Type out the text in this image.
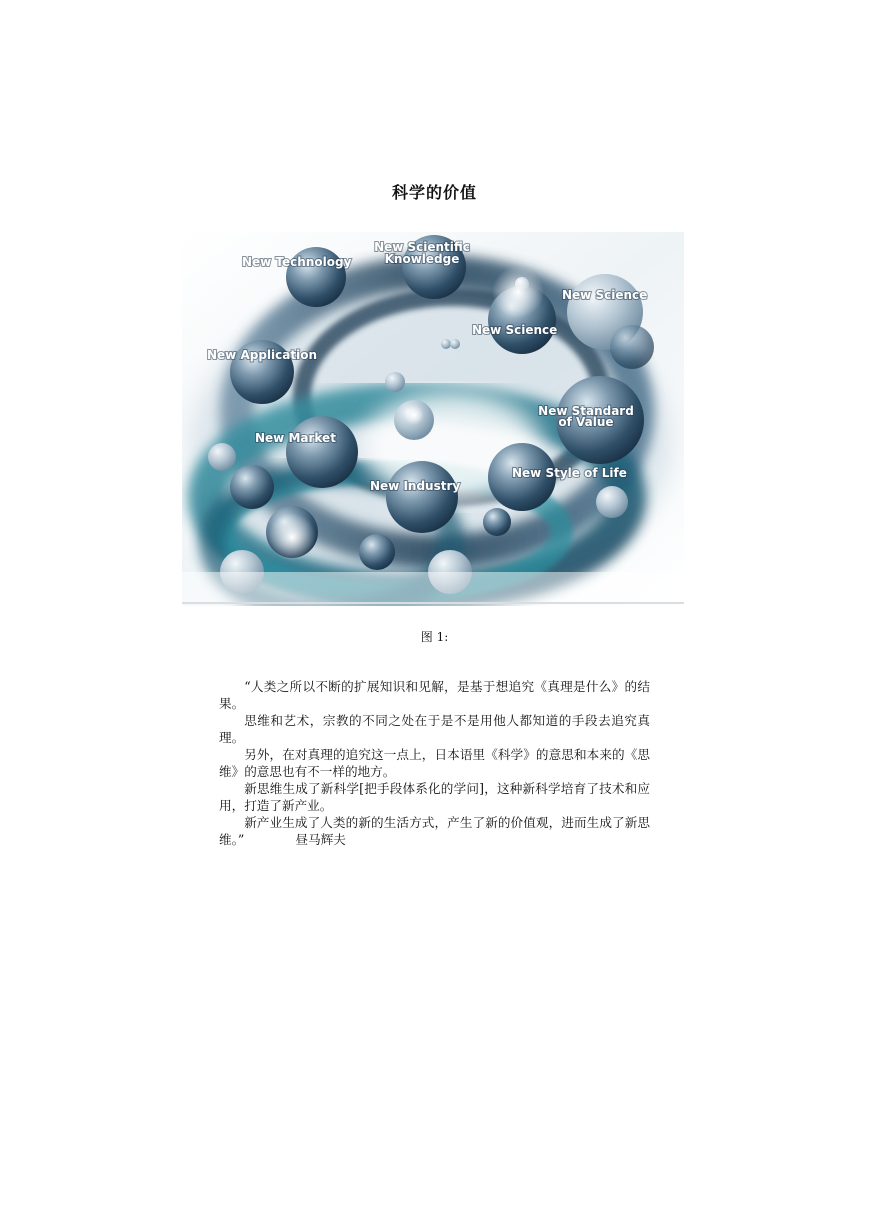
科学的价值
New Technology
New Scientific
Knowledge
New Science
New Science
New Application
New Standard
of Value
New Market
New Style of Life
New Industry
图 1:

“人类之所以不断的扩展知识和见解，是基于想追究《真理是什么》的结果。

思维和艺术，宗教的不同之处在于是不是用他人都知道的手段去追究真理。

另外，在对真理的追究这一点上，日本语里《科学》的意思和本来的《思维》的意思也有不一样的地方。

新思维生成了新科学[把手段体系化的学问]，这种新科学培育了技术和应用，打造了新产业。

新产业生成了人类的新的生活方式，产生了新的价值观，进而生成了新思维。”	昼马辉夫
